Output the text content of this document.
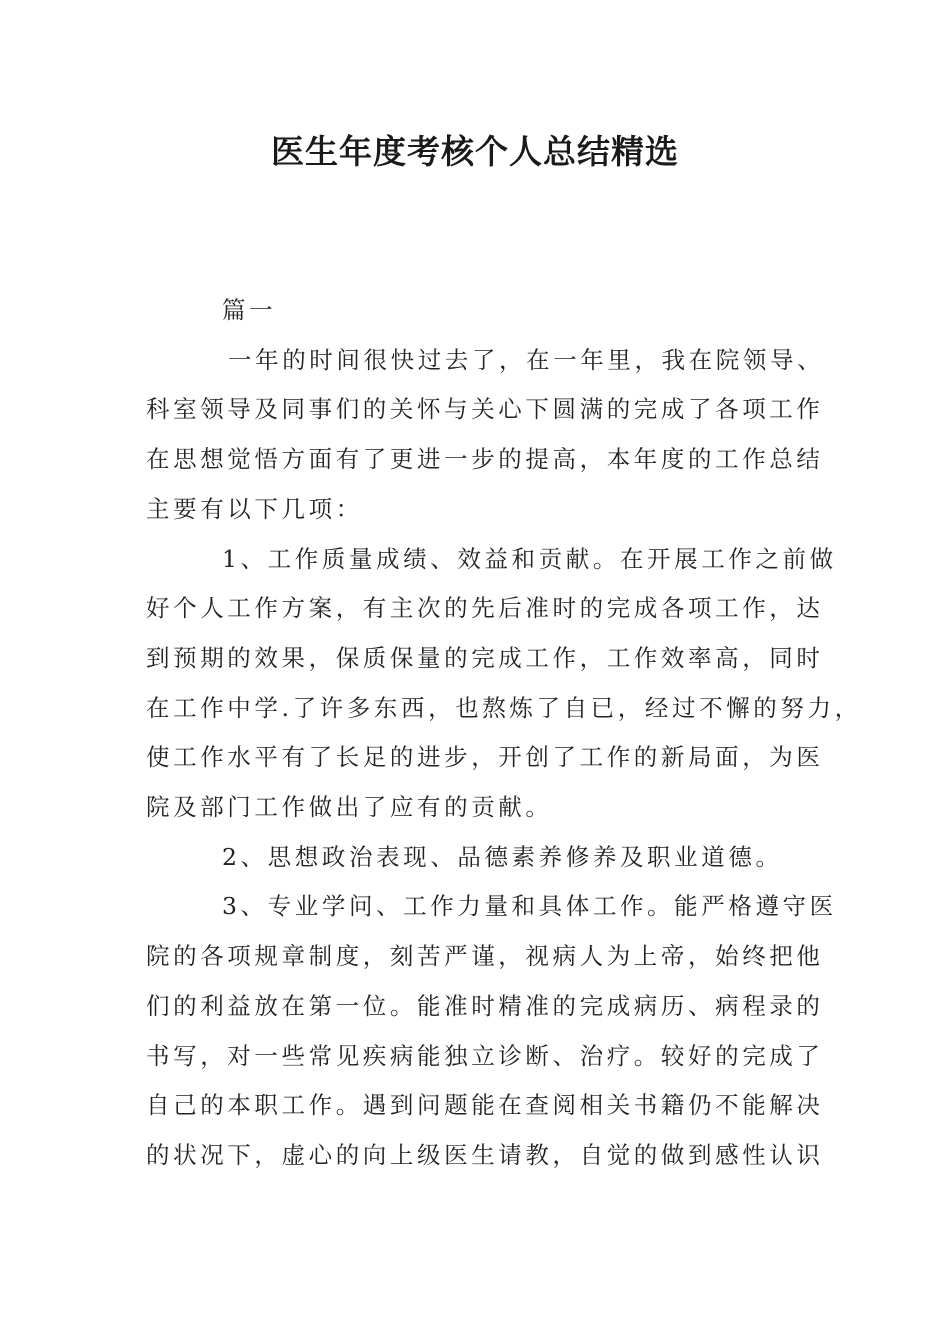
医生年度考核个人总结精选

篇一

一年的时间很快过去了，在一年里，我在院领导、

科室领导及同事们的关怀与关心下圆满的完成了各项工作

在思想觉悟方面有了更进一步的提高，本年度的工作总结

主要有以下几项：

1、工作质量成绩、效益和贡献。在开展工作之前做

好个人工作方案，有主次的先后准时的完成各项工作，达

到预期的效果，保质保量的完成工作，工作效率高，同时

在工作中学.了许多东西，也熬炼了自已，经过不懈的努力，

使工作水平有了长足的进步，开创了工作的新局面，为医

院及部门工作做出了应有的贡献。

2、思想政治表现、品德素养修养及职业道德。

3、专业学问、工作力量和具体工作。能严格遵守医

院的各项规章制度，刻苦严谨，视病人为上帝，始终把他

们的利益放在第一位。能准时精准的完成病历、病程录的

书写，对一些常见疾病能独立诊断、治疗。较好的完成了

自己的本职工作。遇到问题能在查阅相关书籍仍不能解决

的状况下，虚心的向上级医生请教，自觉的做到感性认识
